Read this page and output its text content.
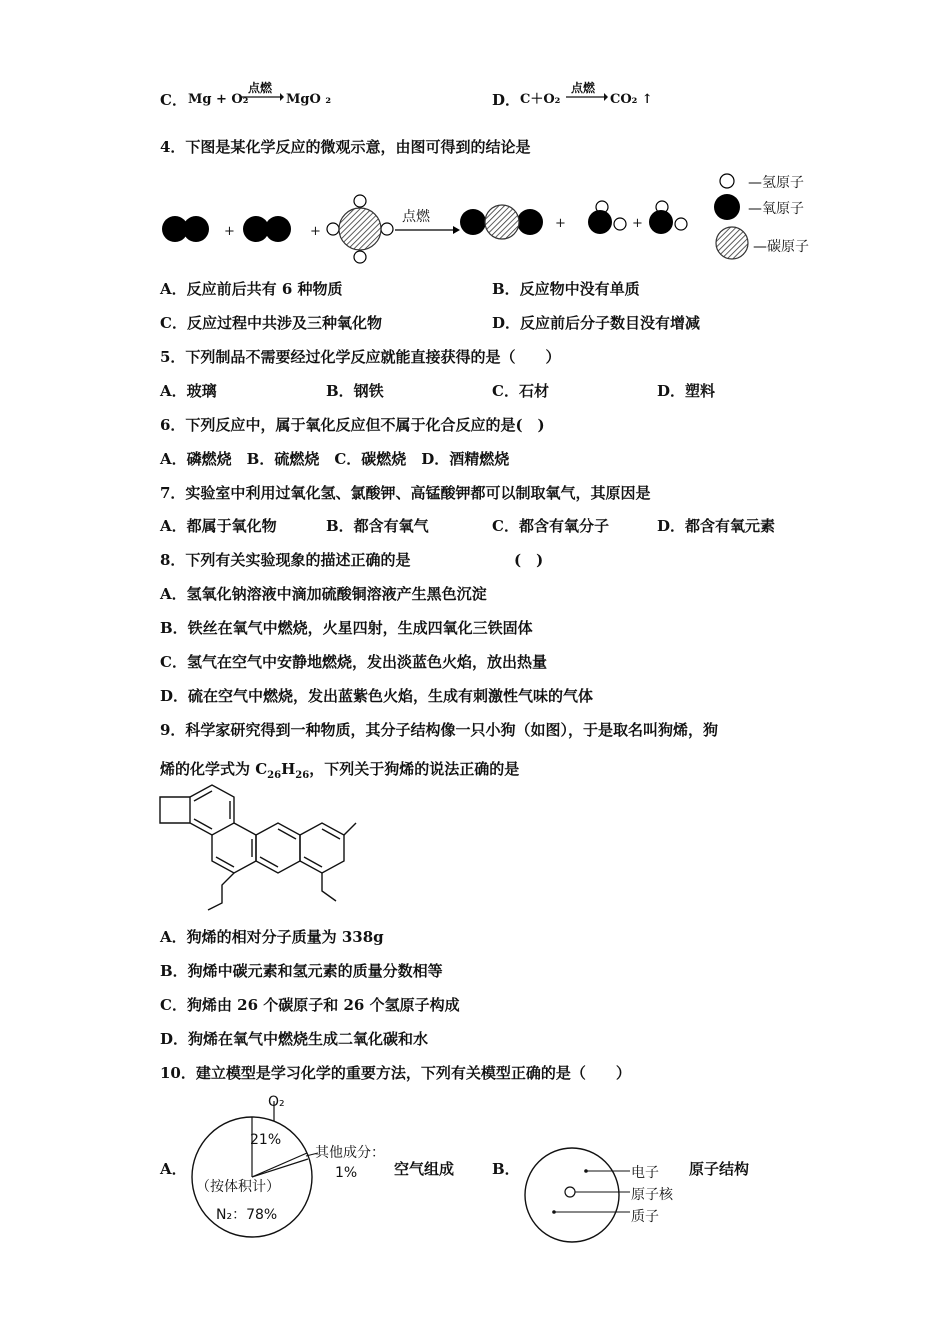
C． Mg + O₂
点燃
MgO ₂	D． C＋O₂
点燃
CO₂ ↑
4．下图是某化学反应的微观示意，由图可得到的结论是
+	+
+	+
点燃
—氢原子
—氧原子
—碳原子
A．反应前后共有 6 种物质	B．反应物中没有单质
C．反应过程中共涉及三种氧化物	D．反应前后分子数目没有增减
5．下列制品不需要经过化学反应就能直接获得的是（　　）
A．玻璃	B．钢铁	C．石材	D．塑料
6．下列反应中，属于氧化反应但不属于化合反应的是(　)
A．磷燃烧　B．硫燃烧　C．碳燃烧　D．酒精燃烧
7．实验室中利用过氧化氢、氯酸钾、高锰酸钾都可以制取氧气，其原因是
A．都属于氧化物	B．都含有氧气	C．都含有氧分子	D．都含有氧元素
8．下列有关实验现象的描述正确的是	(　)
A．氢氧化钠溶液中滴加硫酸铜溶液产生黑色沉淀
B．铁丝在氧气中燃烧，火星四射，生成四氧化三铁固体
C．氢气在空气中安静地燃烧，发出淡蓝色火焰，放出热量
D．硫在空气中燃烧，发出蓝紫色火焰，生成有刺激性气味的气体
9．科学家研究得到一种物质，其分子结构像一只小狗（如图），于是取名叫狗烯，狗
烯的化学式为 $C_{26}H_{26}$，下列关于狗烯的说法正确的是
A．狗烯的相对分子质量为 338g
B．狗烯中碳元素和氢元素的质量分数相等
C．狗烯由 26 个碳原子和 26 个氢原子构成
D．狗烯在氧气中燃烧生成二氧化碳和水
10．建立模型是学习化学的重要方法，下列有关模型正确的是（　　）
A．
O₂
21%
其他成分：
1%
（按体积计）
N₂：78%
空气组成	B．	电子
原子核
质子
原子结构
